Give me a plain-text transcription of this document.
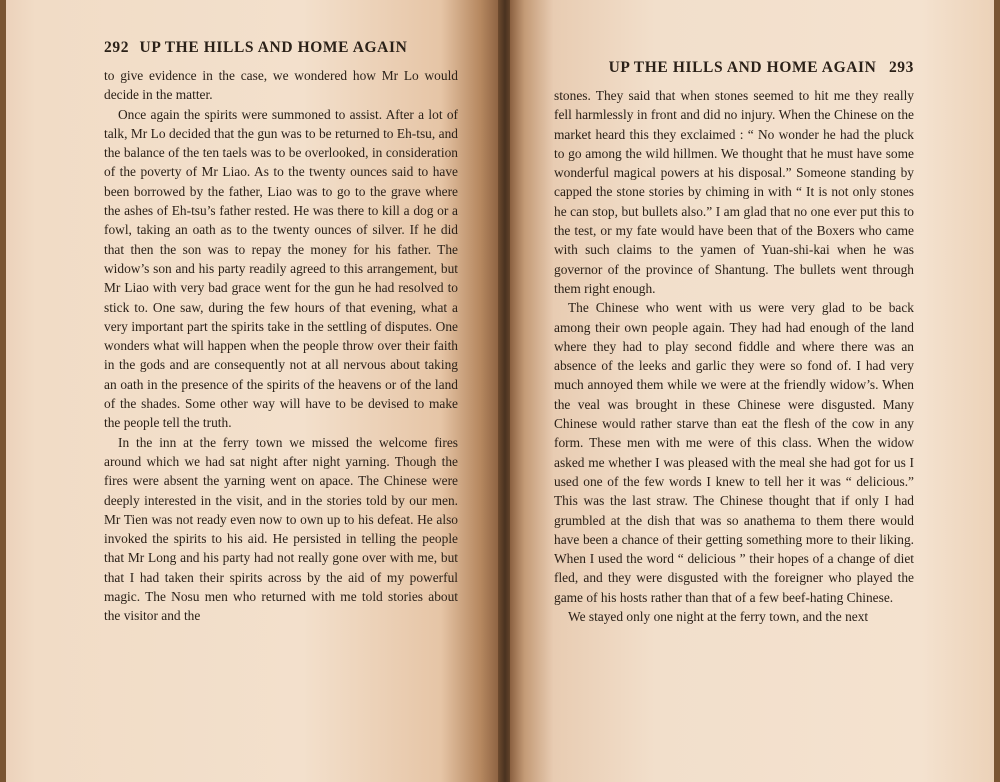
292 UP THE HILLS AND HOME AGAIN

to give evidence in the case, we wondered how Mr Lo would decide in the matter.

Once again the spirits were summoned to assist. After a lot of talk, Mr Lo decided that the gun was to be returned to Eh-tsu, and the balance of the ten taels was to be overlooked, in consideration of the poverty of Mr Liao. As to the twenty ounces said to have been borrowed by the father, Liao was to go to the grave where the ashes of Eh-tsu’s father rested. He was there to kill a dog or a fowl, taking an oath as to the twenty ounces of silver. If he did that then the son was to repay the money for his father. The widow’s son and his party readily agreed to this arrangement, but Mr Liao with very bad grace went for the gun he had resolved to stick to. One saw, during the few hours of that evening, what a very important part the spirits take in the settling of disputes. One wonders what will happen when the people throw over their faith in the gods and are consequently not at all nervous about taking an oath in the presence of the spirits of the heavens or of the land of the shades. Some other way will have to be devised to make the people tell the truth.

In the inn at the ferry town we missed the welcome fires around which we had sat night after night yarning. Though the fires were absent the yarning went on apace. The Chinese were deeply interested in the visit, and in the stories told by our men. Mr Tien was not ready even now to own up to his defeat. He also invoked the spirits to his aid. He persisted in telling the people that Mr Long and his party had not really gone over with me, but that I had taken their spirits across by the aid of my powerful magic. The Nosu men who returned with me told stories about the visitor and the

UP THE HILLS AND HOME AGAIN 293

stones. They said that when stones seemed to hit me they really fell harmlessly in front and did no injury. When the Chinese on the market heard this they exclaimed : “ No wonder he had the pluck to go among the wild hillmen. We thought that he must have some wonderful magical powers at his disposal.” Someone standing by capped the stone stories by chiming in with “ It is not only stones he can stop, but bullets also.” I am glad that no one ever put this to the test, or my fate would have been that of the Boxers who came with such claims to the yamen of Yuan-shi-kai when he was governor of the province of Shantung. The bullets went through them right enough.

The Chinese who went with us were very glad to be back among their own people again. They had had enough of the land where they had to play second fiddle and where there was an absence of the leeks and garlic they were so fond of. I had very much annoyed them while we were at the friendly widow’s. When the veal was brought in these Chinese were disgusted. Many Chinese would rather starve than eat the flesh of the cow in any form. These men with me were of this class. When the widow asked me whether I was pleased with the meal she had got for us I used one of the few words I knew to tell her it was “ delicious.” This was the last straw. The Chinese thought that if only I had grumbled at the dish that was so anathema to them there would have been a chance of their getting something more to their liking. When I used the word “ delicious ” their hopes of a change of diet fled, and they were disgusted with the foreigner who played the game of his hosts rather than that of a few beef-hating Chinese.

We stayed only one night at the ferry town, and the next
